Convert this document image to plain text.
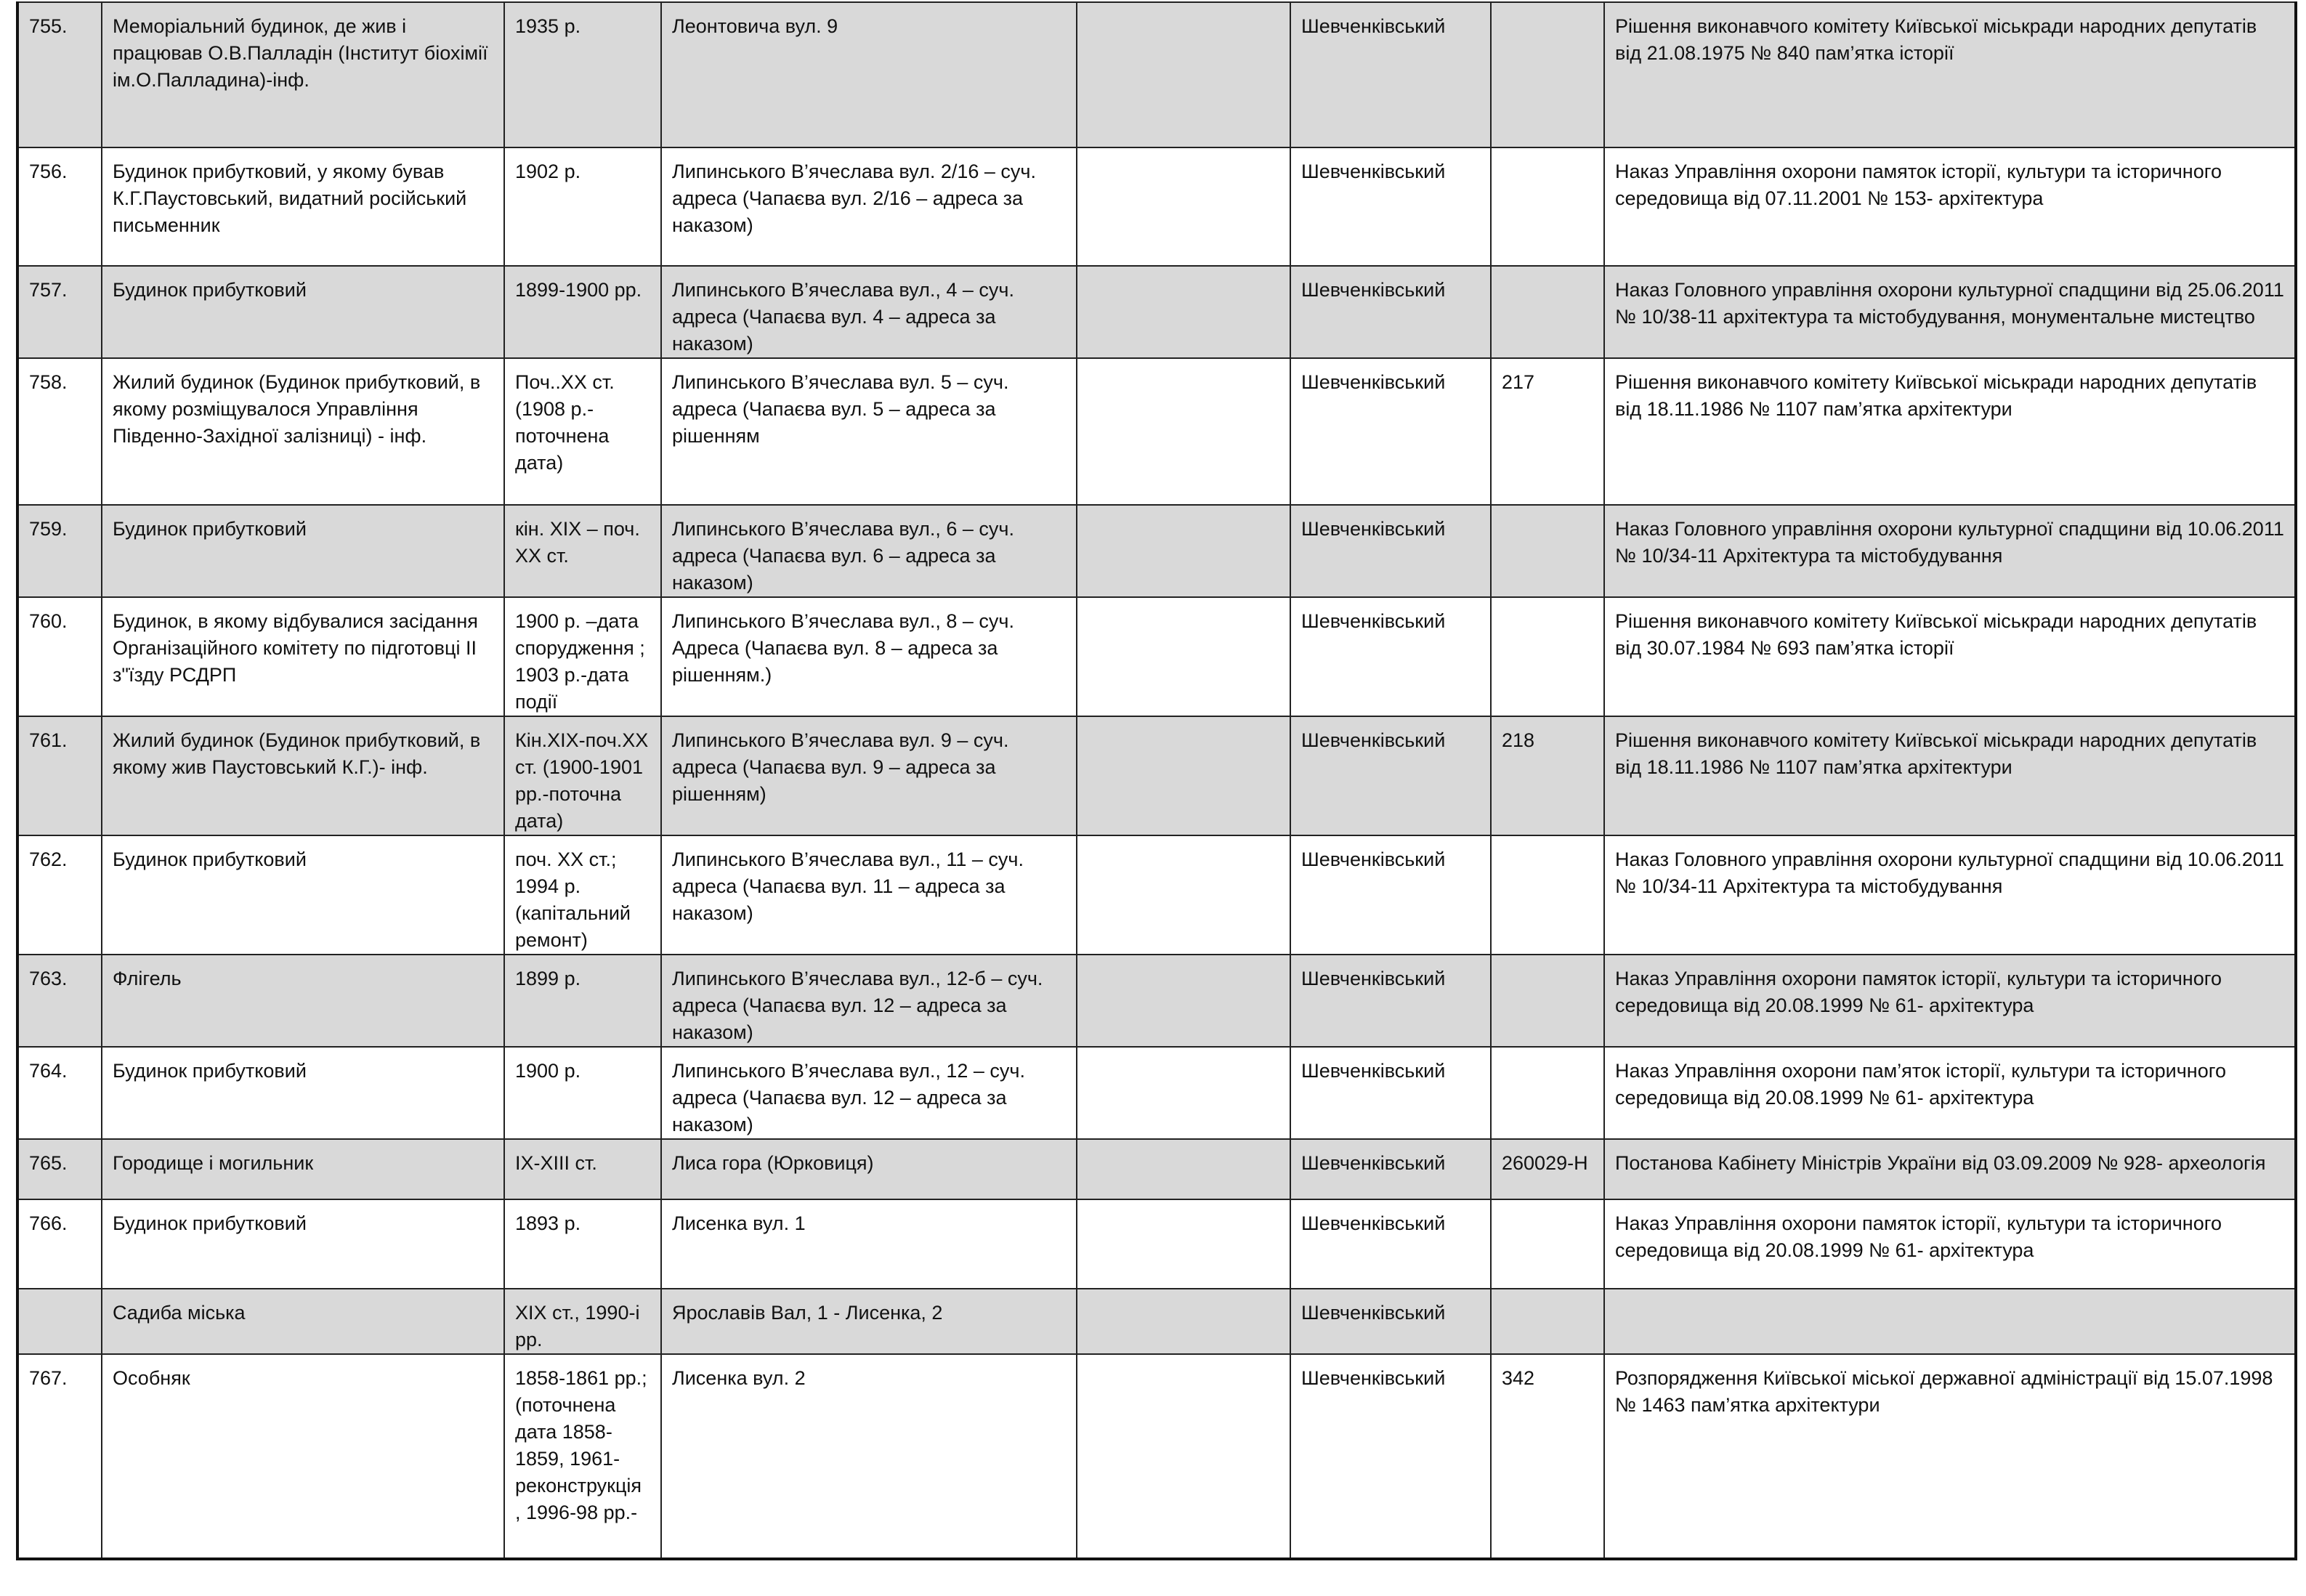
755.	Меморіальний будинок, де жив і працював О.В.Палладін (Інститут біохімії ім.О.Палладина)-інф.	1935 р.	Леонтовича вул. 9		Шевченківський		Рішення виконавчого комітету Київської міськради народних депутатів від 21.08.1975 № 840 пам’ятка історії

756.	Будинок прибутковий, у якому бував К.Г.Паустовський, видатний російський письменник	1902 р.	Липинського В’ячеслава вул. 2/16 – суч. адреса (Чапаєва вул. 2/16 – адреса за наказом)		Шевченківський		Наказ Управління охорони памяток історії, культури та історичного середовища від 07.11.2001 № 153- архітектура

757.	Будинок прибутковий	1899-1900 рр.	Липинського В’ячеслава вул., 4 – суч. адреса (Чапаєва вул. 4 – адреса за наказом)		Шевченківський		Наказ Головного управління охорони культурної спадщини від 25.06.2011 № 10/38-11 архітектура та містобудування, монументальне мистецтво

758.	Жилий будинок (Будинок прибутковий, в якому розміщувалося Управління Південно-Західної залізниці) - інф.	Поч..ХХ ст. (1908 р.- поточнена дата)	Липинського В’ячеслава вул. 5 – суч. адреса (Чапаєва вул. 5 – адреса за рішенням		Шевченківський	217	Рішення виконавчого комітету Київської міськради народних депутатів від 18.11.1986 № 1107 пам’ятка архітектури

759.	Будинок прибутковий	кін. ХІХ – поч. ХХ ст.	Липинського В’ячеслава вул., 6 – суч. адреса (Чапаєва вул. 6 – адреса за наказом)		Шевченківський		Наказ Головного управління охорони культурної спадщини від 10.06.2011 № 10/34-11 Архітектура та містобудування

760.	Будинок, в якому відбувалися засідання Організаційного комітету по підготовці ІІ з"їзду РСДРП	1900 р. –дата спорудження ; 1903 р.-дата події	Липинського В’ячеслава вул., 8 – суч. Адреса (Чапаєва вул. 8 – адреса за рішенням.)		Шевченківський		Рішення виконавчого комітету Київської міськради народних депутатів від 30.07.1984 № 693 пам’ятка історії

761.	Жилий будинок (Будинок прибутковий, в якому жив Паустовський К.Г.)- інф.	Кін.ХІХ-поч.ХХ ст. (1900-1901 рр.-поточна дата)	Липинського В’ячеслава вул. 9 – суч. адреса (Чапаєва вул. 9 – адреса за рішенням)		Шевченківський	218	Рішення виконавчого комітету Київської міськради народних депутатів від 18.11.1986 № 1107 пам’ятка архітектури

762.	Будинок прибутковий	поч. ХХ ст.; 1994 р. (капітальний ремонт)	Липинського В’ячеслава вул., 11 – суч. адреса (Чапаєва вул. 11 – адреса за наказом)		Шевченківський		Наказ Головного управління охорони культурної спадщини від 10.06.2011 № 10/34-11 Архітектура та містобудування

763.	Флігель	1899 р.	Липинського В’ячеслава вул., 12-б – суч. адреса (Чапаєва вул. 12 – адреса за наказом)		Шевченківський		Наказ Управління охорони памяток історії, культури та історичного середовища від 20.08.1999 № 61- архітектура

764.	Будинок прибутковий	1900 р.	Липинського В’ячеслава вул., 12 – суч. адреса (Чапаєва вул. 12 – адреса за наказом)		Шевченківський		Наказ Управління охорони пам’яток історії, культури та історичного середовища від 20.08.1999 № 61- архітектура

765.	Городище і могильник	ІХ-ХІІІ ст.	Лиса гора (Юрковиця)		Шевченківський	260029-Н	Постанова Кабінету Міністрів України від 03.09.2009 № 928- археологія

766.	Будинок прибутковий	1893 р.	Лисенка вул. 1		Шевченківський		Наказ Управління охорони памяток історії, культури та історичного середовища від 20.08.1999 № 61- архітектура

	Садиба міська	ХІХ ст., 1990-і рр.	Ярославів Вал, 1 - Лисенка, 2		Шевченківський		

767.	Особняк	1858-1861 рр.; (поточнена дата 1858-1859, 1961- реконструкція , 1996-98 рр.-	Лисенка вул. 2		Шевченківський	342	Розпорядження Київської міської державної адміністрації від 15.07.1998 № 1463 пам’ятка архітектури
